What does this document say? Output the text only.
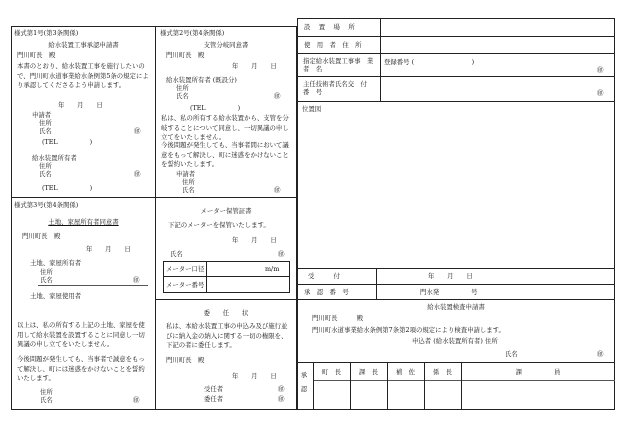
様式第1号(第3条関係)
給水装置工事承認申請書
門川町長　殿
本書のとおり、給水装置工事を施行したいので、門川町水道事業給水条例第5条の規定により承認してくださるよう申請します。
年　　月　　日
申請者
住所
氏名	㊞
(TEL　　　　　)
給水装置所有者
住所
氏名	㊞
(TEL　　　　　)
様式第2号(第4条関係)
支管分岐同意書
門川町長　殿
年　　月　　日
給水装置所有者 (既設分)
住所
氏名	㊞
(TEL　　　　　)
私は、私の所有する給水装置から、支管を分岐することについて同意し、一切異議の申し立てをいたしません。
今後問題が発生しても、当事者間において議意をもって解決し、町に迷惑をかけないことを誓約いたします。
申請者
住所
氏名	㊞
様式第3号(第4条関係)
土地、家屋所有者同意書
門川町長　殿
年　　月　　日
土地、家屋所有者
住所
氏名	㊞
土地、家屋使用者
以上は、私の所有する上記の土地、家屋を使用して給水装置を設置することに同意し一切異議の申し立てをいたしません。
今後問題が発生しても、当事者で誠意をもって解決し、町には迷惑をかけないことを誓約いたします。
住所
氏名	㊞
メーター保管証書
下記のメーターを保管いたします。
年　　月　　日
氏名	㊞
メーター口径	m/m
メーター番号
委　　任　　状
私は、本給水装置工事の申込み及び施行並びに納入金の納入に関する一切の権限を、下記の者に委任します。
門川町長　殿
年　　月　　日
受任者	㊞
委任者	㊞
設　置　場　所
使　用　者　住　所
指定給水装置工事事　業　者　名
登録番号 (　　　　　　　　　)
㊞
主任技術者氏名交　付　番　号	㊞
位置図
受　　　付	年　　月　　日
承　認　番　号	門水発　　　　　号
給水装置検査申請書
門川町長　　　殿
門川町水道事業給水条例第7条第2項の規定により検査申請します。
申込者 (給水装置所有者) 住所
氏名	㊞
承認
町　長	課　長	補　佐	係　長	課　　　　　員
